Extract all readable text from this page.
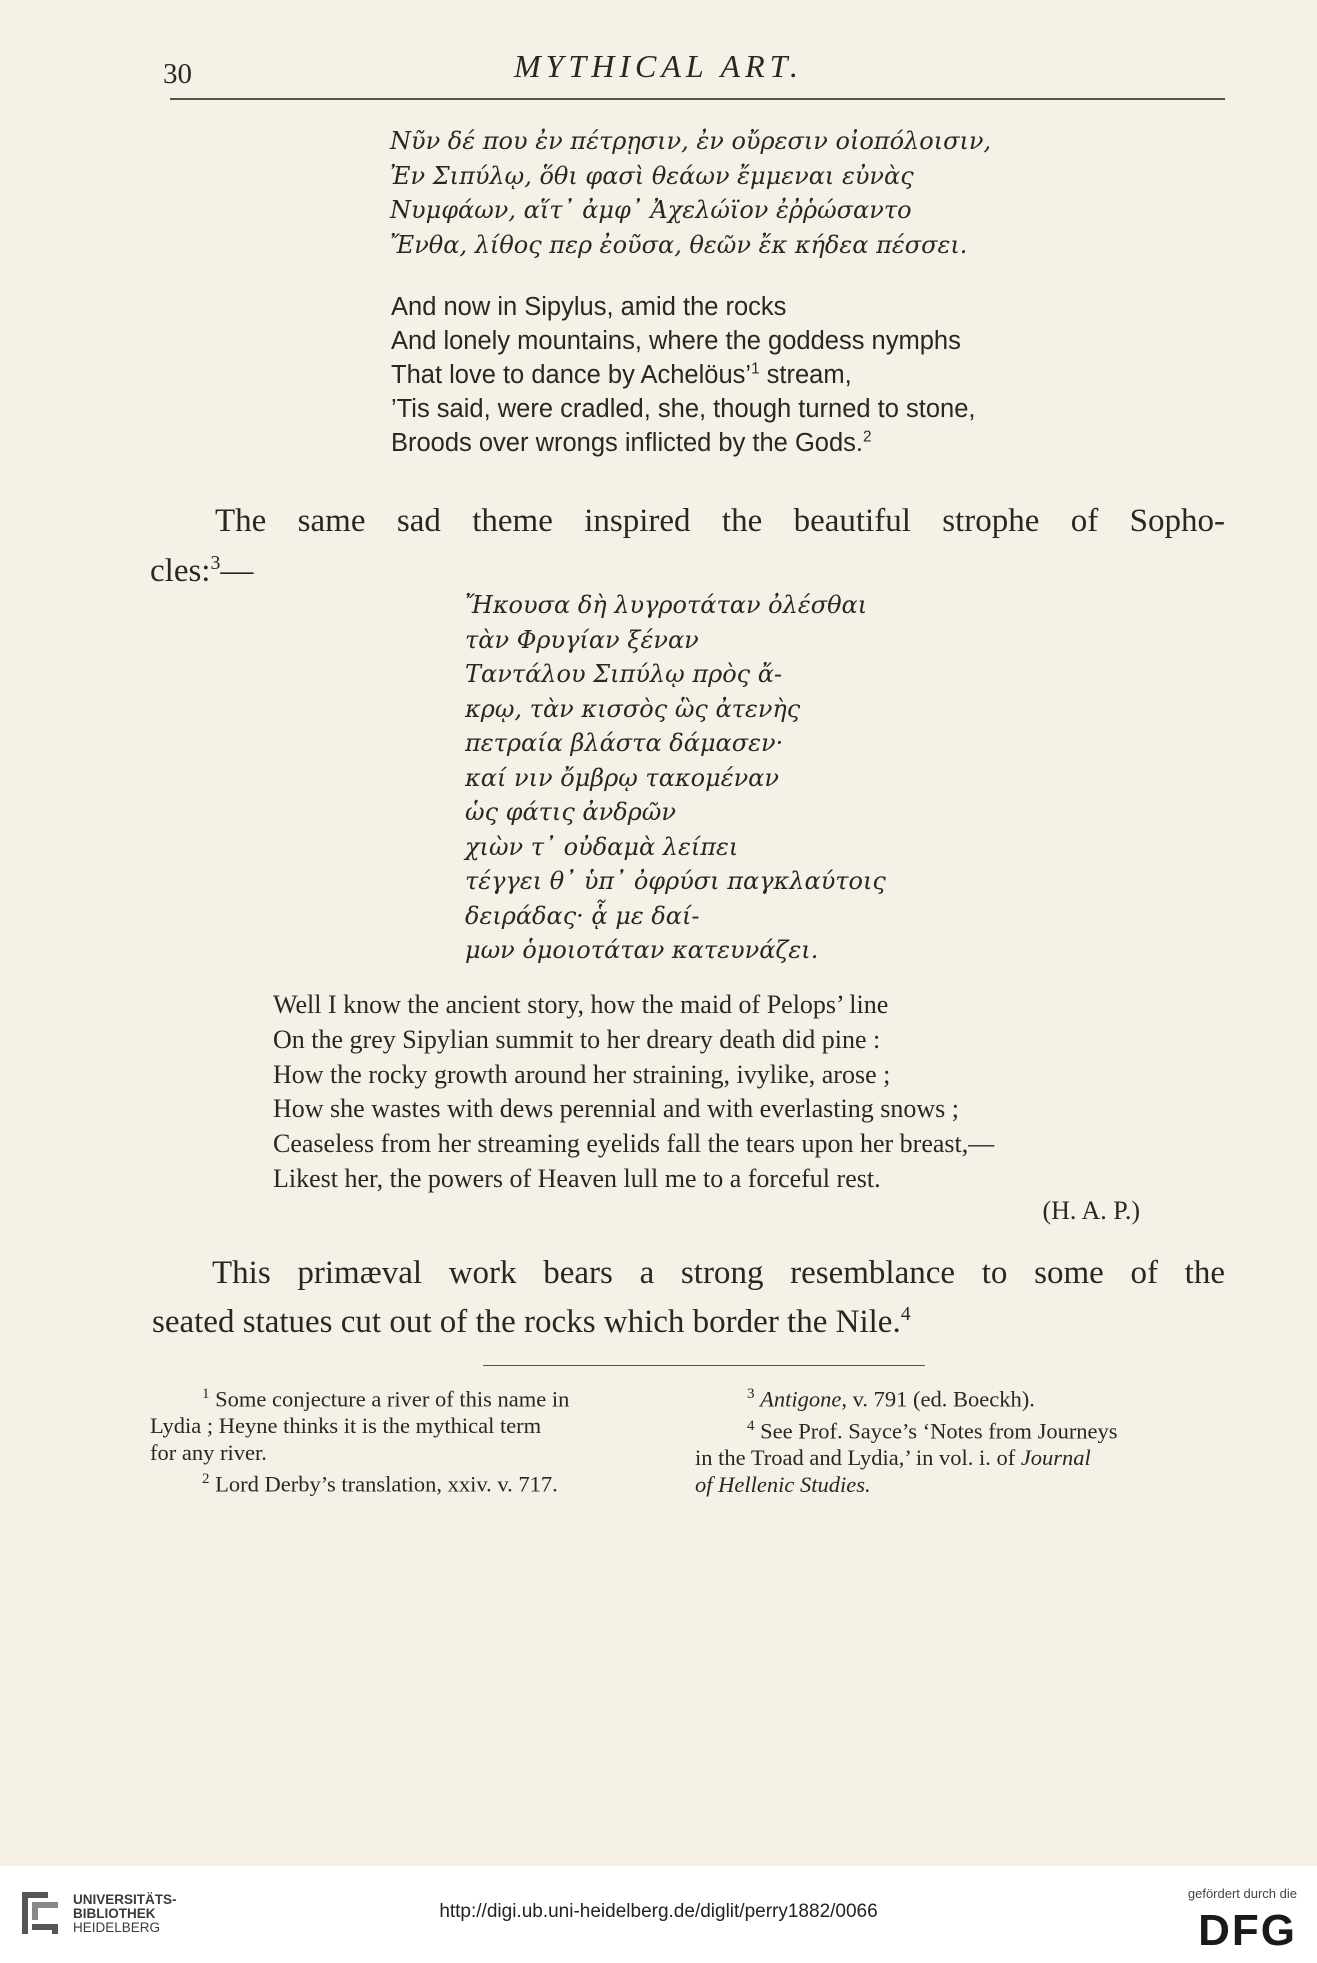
30	MYTHICAL ART.
Νῦν δέ που ἐν πέτρῃσιν, ἐν οὔρεσιν οἰοπόλοισιν,
Ἐν Σιπύλῳ, ὅθι φασὶ θεάων ἔμμεναι εὐνὰς
Νυμφάων, αἵτ᾽ ἀμφ᾽ Ἀχελώϊον ἐῤῥώσαντο
Ἔνθα, λίθος περ ἐοῦσα, θεῶν ἔκ κήδεα πέσσει.
And now in Sipylus, amid the rocks
And lonely mountains, where the goddess nymphs
That love to dance by Achelöus’$^1$ stream,
’Tis said, were cradled, she, though turned to stone,
Broods over wrongs inflicted by the Gods.$^2$
The same sad theme inspired the beautiful strophe of Sopho-
cles:$^3$—
Ἤκουσα δὴ λυγροτάταν ὀλέσθαι
τὰν Φρυγίαν ξέναν
Ταντάλου Σιπύλῳ πρὸς ἄ-
κρῳ, τὰν κισσὸς ὣς ἀτενὴς
πετραία βλάστα δάμασεν·
καί νιν ὄμβρῳ τακομέναν
ὡς φάτις ἀνδρῶν
χιὼν τ᾽ οὐδαμὰ λείπει
τέγγει θ᾽ ὑπ᾽ ὀφρύσι παγκλαύτοις
δειράδας· ᾇ με δαί-
μων ὁμοιοτάταν κατευνάζει.
Well I know the ancient story, how the maid of Pelops’ line
On the grey Sipylian summit to her dreary death did pine :
How the rocky growth around her straining, ivylike, arose ;
How she wastes with dews perennial and with everlasting snows ;
Ceaseless from her streaming eyelids fall the tears upon her breast,—
Likest her, the powers of Heaven lull me to a forceful rest.
(H. A. P.)
This primæval work bears a strong resemblance to some of the
seated statues cut out of the rocks which border the Nile.$^4$
$^1$ Some conjecture a river of this name in
Lydia ; Heyne thinks it is the mythical term
for any river.
$^2$ Lord Derby’s translation, xxiv. v. 717.
$^3$ Antigone, v. 791 (ed. Boeckh).
$^4$ See Prof. Sayce’s ‘Notes from Journeys
in the Troad and Lydia,’ in vol. i. of Journal
of Hellenic Studies.
UNIVERSITÄTS-
BIBLIOTHEK
HEIDELBERG
http://digi.ub.uni-heidelberg.de/diglit/perry1882/0066
gefördert durch die
DFG
